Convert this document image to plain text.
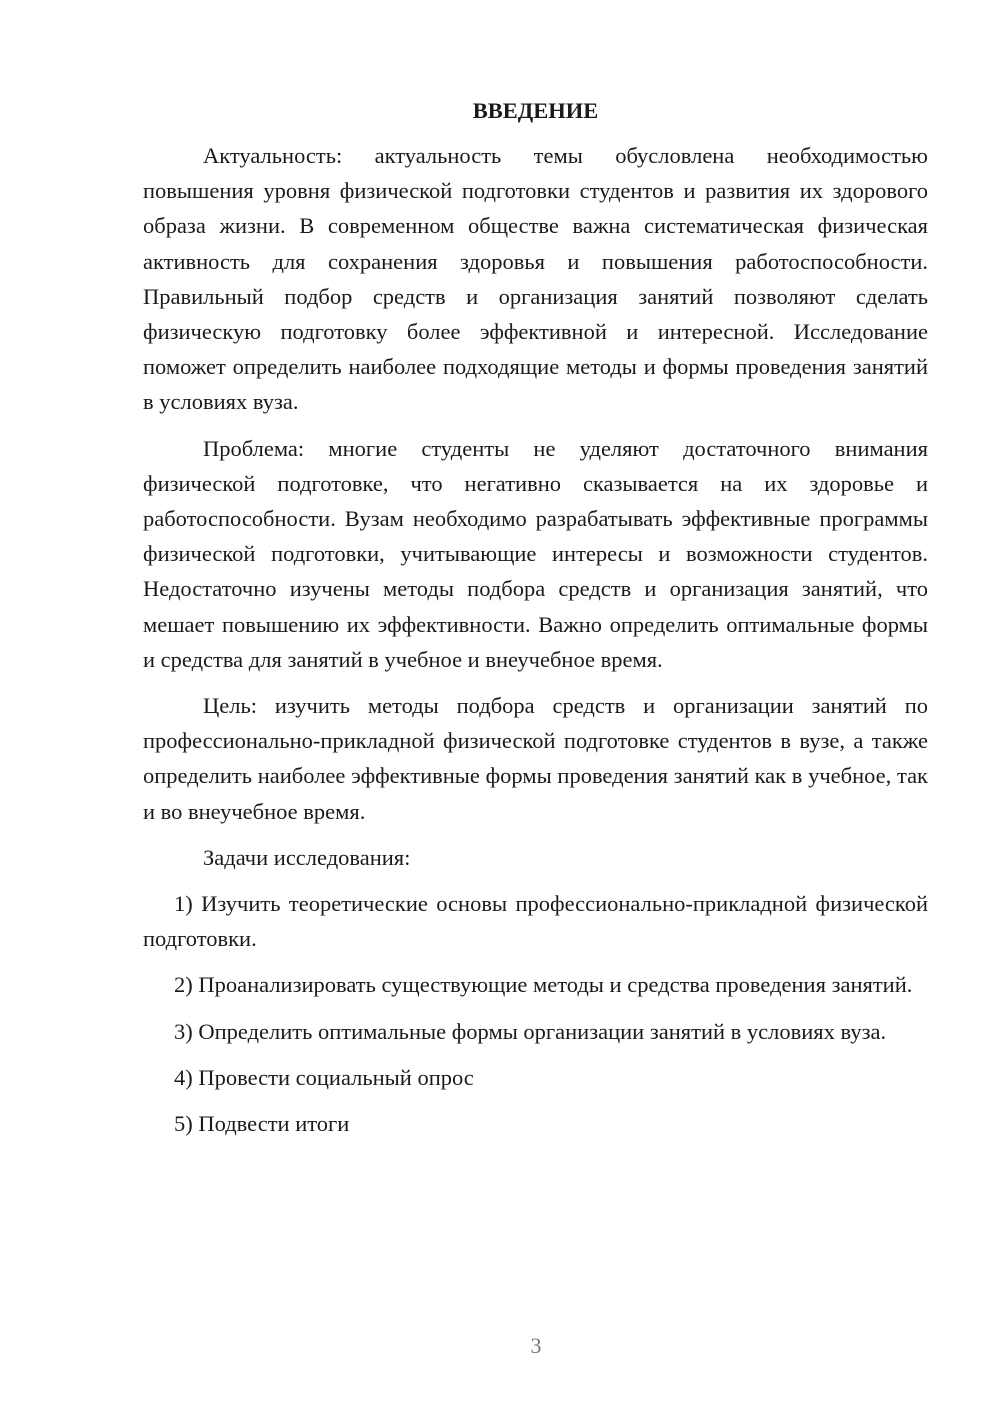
ВВЕДЕНИЕ

Актуальность: актуальность темы обусловлена необходимостью повышения уровня физической подготовки студентов и развития их здорового образа жизни. В современном обществе важна систематическая физическая активность для сохранения здоровья и повышения работоспособности. Правильный подбор средств и организация занятий позволяют сделать физическую подготовку более эффективной и интересной. Исследование поможет определить наиболее подходящие методы и формы проведения занятий в условиях вуза.

Проблема: многие студенты не уделяют достаточного внимания физической подготовке, что негативно сказывается на их здоровье и работоспособности. Вузам необходимо разрабатывать эффективные программы физической подготовки, учитывающие интересы и возможности студентов. Недостаточно изучены методы подбора средств и организация занятий, что мешает повышению их эффективности. Важно определить оптимальные формы и средства для занятий в учебное и внеучебное время.

Цель: изучить методы подбора средств и организации занятий по профессионально-прикладной физической подготовке студентов в вузе, а также определить наиболее эффективные формы проведения занятий как в учебное, так и во внеучебное время.

Задачи исследования:

1) Изучить теоретические основы профессионально-прикладной физической подготовки.

2) Проанализировать существующие методы и средства проведения занятий.

3) Определить оптимальные формы организации занятий в условиях вуза.

4) Провести социальный опрос

5) Подвести итоги

3
